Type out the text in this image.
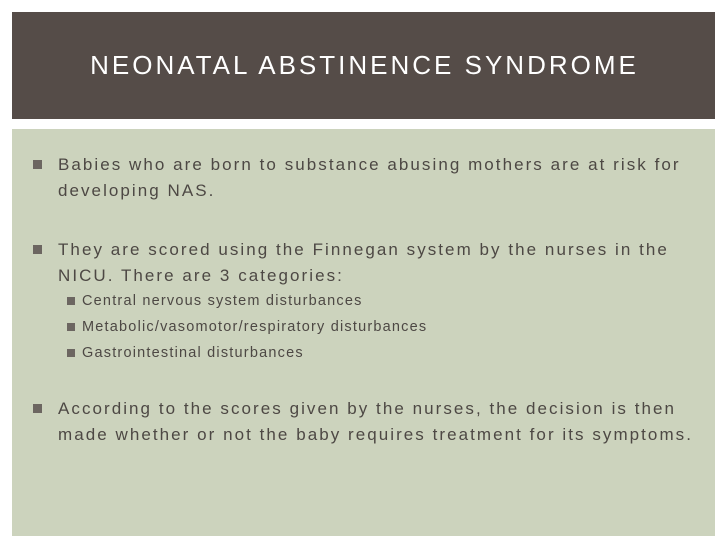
NEONATAL ABSTINENCE SYNDROME
Babies who are born to substance abusing mothers are at risk for developing NAS.
They are scored using the Finnegan system by the nurses in the NICU. There are 3 categories:
Central nervous system disturbances
Metabolic/vasomotor/respiratory disturbances
Gastrointestinal disturbances
According to the scores given by the nurses, the decision is then made whether or not the baby requires treatment for its symptoms.
